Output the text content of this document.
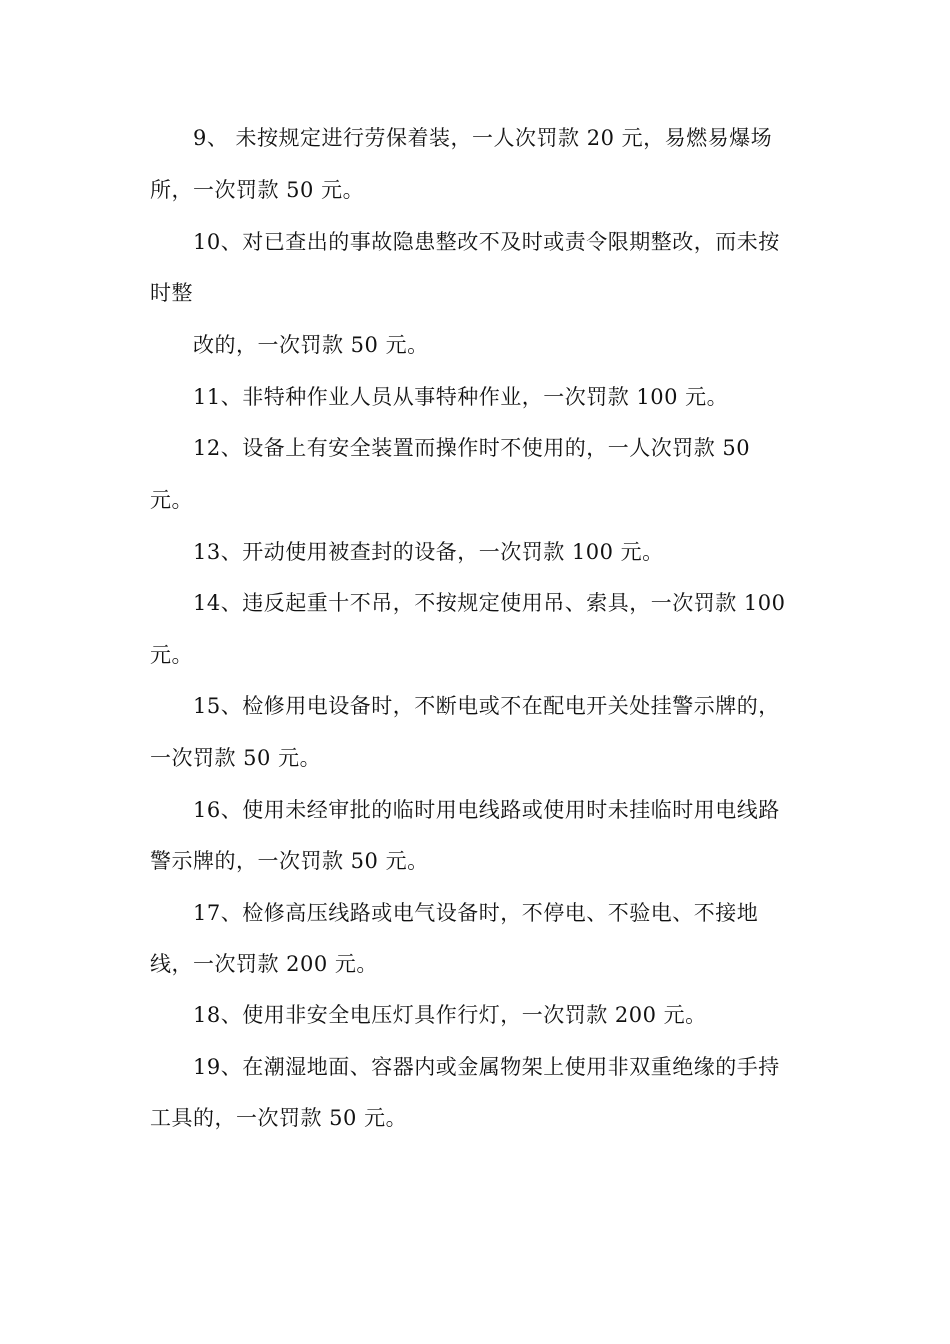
9、 未按规定进行劳保着装，一人次罚款 20 元，易燃易爆场
所，一次罚款 50 元。
10、对已查出的事故隐患整改不及时或责令限期整改，而未按
时整
改的，一次罚款 50 元。
11、非特种作业人员从事特种作业，一次罚款 100 元。
12、设备上有安全装置而操作时不使用的，一人次罚款 50
元。
13、开动使用被查封的设备，一次罚款 100 元。
14、违反起重十不吊，不按规定使用吊、索具，一次罚款 100
元。
15、检修用电设备时，不断电或不在配电开关处挂警示牌的，
一次罚款 50 元。
16、使用未经审批的临时用电线路或使用时未挂临时用电线路
警示牌的，一次罚款 50 元。
17、检修高压线路或电气设备时，不停电、不验电、不接地
线，一次罚款 200 元。
18、使用非安全电压灯具作行灯，一次罚款 200 元。
19、在潮湿地面、容器内或金属物架上使用非双重绝缘的手持
工具的，一次罚款 50 元。
